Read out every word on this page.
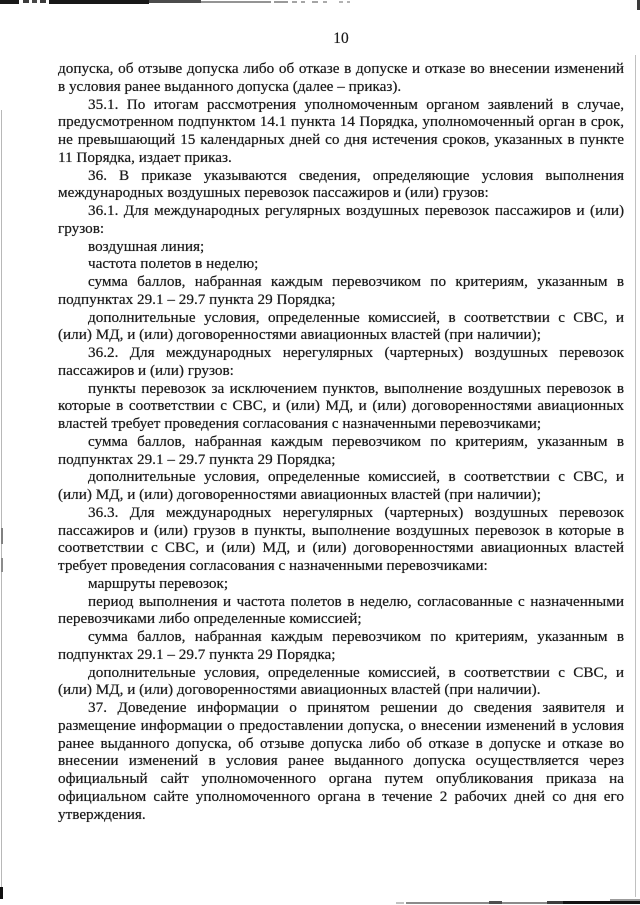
10

допуска, об отзыве допуска либо об отказе в допуске и отказе во внесении изменений в условия ранее выданного допуска (далее – приказ).

35.1. По итогам рассмотрения уполномоченным органом заявлений в случае, предусмотренном подпунктом 14.1 пункта 14 Порядка, уполномоченный орган в срок, не превышающий 15 календарных дней со дня истечения сроков, указанных в пункте 11 Порядка, издает приказ.

36. В приказе указываются сведения, определяющие условия выполнения международных воздушных перевозок пассажиров и (или) грузов:

36.1. Для международных регулярных воздушных перевозок пассажиров и (или) грузов:

воздушная линия;

частота полетов в неделю;

сумма баллов, набранная каждым перевозчиком по критериям, указанным в подпунктах 29.1 – 29.7 пункта 29 Порядка;

дополнительные условия, определенные комиссией, в соответствии с СВС, и (или) МД, и (или) договоренностями авиационных властей (при наличии);

36.2. Для международных нерегулярных (чартерных) воздушных перевозок пассажиров и (или) грузов:

пункты перевозок за исключением пунктов, выполнение воздушных перевозок в которые в соответствии с СВС, и (или) МД, и (или) договоренностями авиационных властей требует проведения согласования с назначенными перевозчиками;

сумма баллов, набранная каждым перевозчиком по критериям, указанным в подпунктах 29.1 – 29.7 пункта 29 Порядка;

дополнительные условия, определенные комиссией, в соответствии с СВС, и (или) МД, и (или) договоренностями авиационных властей (при наличии);

36.3. Для международных нерегулярных (чартерных) воздушных перевозок пассажиров и (или) грузов в пункты, выполнение воздушных перевозок в которые в соответствии с СВС, и (или) МД, и (или) договоренностями авиационных властей требует проведения согласования с назначенными перевозчиками:

маршруты перевозок;

период выполнения и частота полетов в неделю, согласованные с назначенными перевозчиками либо определенные комиссией;

сумма баллов, набранная каждым перевозчиком по критериям, указанным в подпунктах 29.1 – 29.7 пункта 29 Порядка;

дополнительные условия, определенные комиссией, в соответствии с СВС, и (или) МД, и (или) договоренностями авиационных властей (при наличии).

37. Доведение информации о принятом решении до сведения заявителя и размещение информации о предоставлении допуска, о внесении изменений в условия ранее выданного допуска, об отзыве допуска либо об отказе в допуске и отказе во внесении изменений в условия ранее выданного допуска осуществляется через официальный сайт уполномоченного органа путем опубликования приказа на официальном сайте уполномоченного органа в течение 2 рабочих дней со дня его утверждения.
